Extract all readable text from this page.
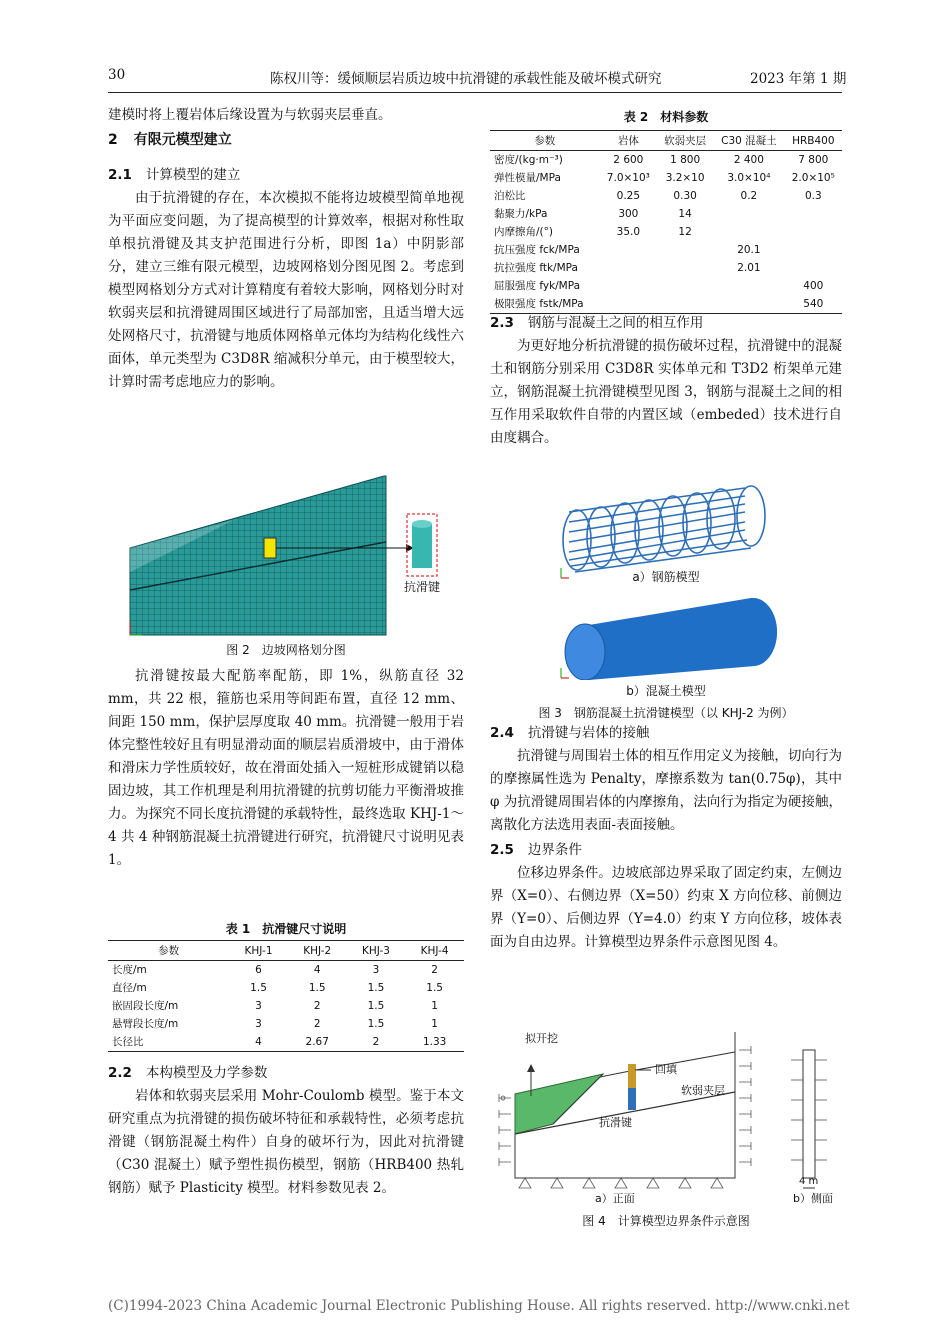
30	陈权川等：缓倾顺层岩质边坡中抗滑键的承载性能及破坏模式研究	2023 年第 1 期

建模时将上覆岩体后缘设置为与软弱夹层垂直。

2 有限元模型建立

2.1 计算模型的建立

由于抗滑键的存在，本次模拟不能将边坡模型简单地视为平面应变问题，为了提高模型的计算效率，根据对称性取单根抗滑键及其支护范围进行分析，即图 1a）中阴影部分，建立三维有限元模型，边坡网格划分图见图 2。考虑到模型网格划分方式对计算精度有着较大影响，网格划分时对软弱夹层和抗滑键周围区域进行了局部加密，且适当增大远处网格尺寸，抗滑键与地质体网格单元体均为结构化线性六面体，单元类型为 C3D8R 缩减积分单元，由于模型较大，计算时需考虑地应力的影响。

抗滑键
图 2　边坡网格划分图

抗滑键按最大配筋率配筋，即 1%，纵筋直径 32 mm，共 22 根，箍筋也采用等间距布置，直径 12 mm、间距 150 mm，保护层厚度取 40 mm。抗滑键一般用于岩体完整性较好且有明显滑动面的顺层岩质滑坡中，由于滑体和滑床力学性质较好，故在滑面处插入一短桩形成键销以稳固边坡，其工作机理是利用抗滑键的抗剪切能力平衡滑坡推力。为探究不同长度抗滑键的承载特性，最终选取 KHJ-1～4 共 4 种钢筋混凝土抗滑键进行研究，抗滑键尺寸说明见表 1。

表 1　抗滑键尺寸说明
参数	KHJ-1	KHJ-2	KHJ-3	KHJ-4
长度/m	6	4	3	2
直径/m	1.5	1.5	1.5	1.5
嵌固段长度/m	3	2	1.5	1
悬臂段长度/m	3	2	1.5	1
长径比	4	2.67	2	1.33

2.2 本构模型及力学参数

岩体和软弱夹层采用 Mohr-Coulomb 模型。鉴于本文研究重点为抗滑键的损伤破坏特征和承载特性，必须考虑抗滑键（钢筋混凝土构件）自身的破坏行为，因此对抗滑键（C30 混凝土）赋予塑性损伤模型，钢筋（HRB400 热轧钢筋）赋予 Plasticity 模型。材料参数见表 2。

表 2　材料参数
参数	岩体	软弱夹层	C30 混凝土	HRB400
密度/(kg·m⁻³)	2 600	1 800	2 400	7 800
弹性模量/MPa	7.0×10³	3.2×10	3.0×10⁴	2.0×10⁵
泊松比	0.25	0.30	0.2	0.3
黏聚力/kPa	300	14		
内摩擦角/(°)	35.0	12		
抗压强度 fck/MPa			20.1	
抗拉强度 ftk/MPa			2.01	
屈服强度 fyk/MPa				400
极限强度 fstk/MPa				540

2.3 钢筋与混凝土之间的相互作用

为更好地分析抗滑键的损伤破坏过程，抗滑键中的混凝土和钢筋分别采用 C3D8R 实体单元和 T3D2 桁架单元建立，钢筋混凝土抗滑键模型见图 3，钢筋与混凝土之间的相互作用采取软件自带的内置区域（embeded）技术进行自由度耦合。

a）钢筋模型
b）混凝土模型
图 3　钢筋混凝土抗滑键模型（以 KHJ-2 为例）

2.4 抗滑键与岩体的接触

抗滑键与周围岩土体的相互作用定义为接触，切向行为的摩擦属性选为 Penalty，摩擦系数为 tan(0.75φ)，其中 φ 为抗滑键周围岩体的内摩擦角，法向行为指定为硬接触，离散化方法选用表面-表面接触。

2.5 边界条件

位移边界条件。边坡底部边界采取了固定约束，左侧边界（X=0）、右侧边界（X=50）约束 X 方向位移、前侧边界（Y=0）、后侧边界（Y=4.0）约束 Y 方向位移，坡体表面为自由边界。计算模型边界条件示意图见图 4。

拟开挖
回填
软弱夹层
抗滑键
a）正面	b）侧面
4 m
图 4　计算模型边界条件示意图
(C)1994-2023 China Academic Journal Electronic Publishing House. All rights reserved. http://www.cnki.net
